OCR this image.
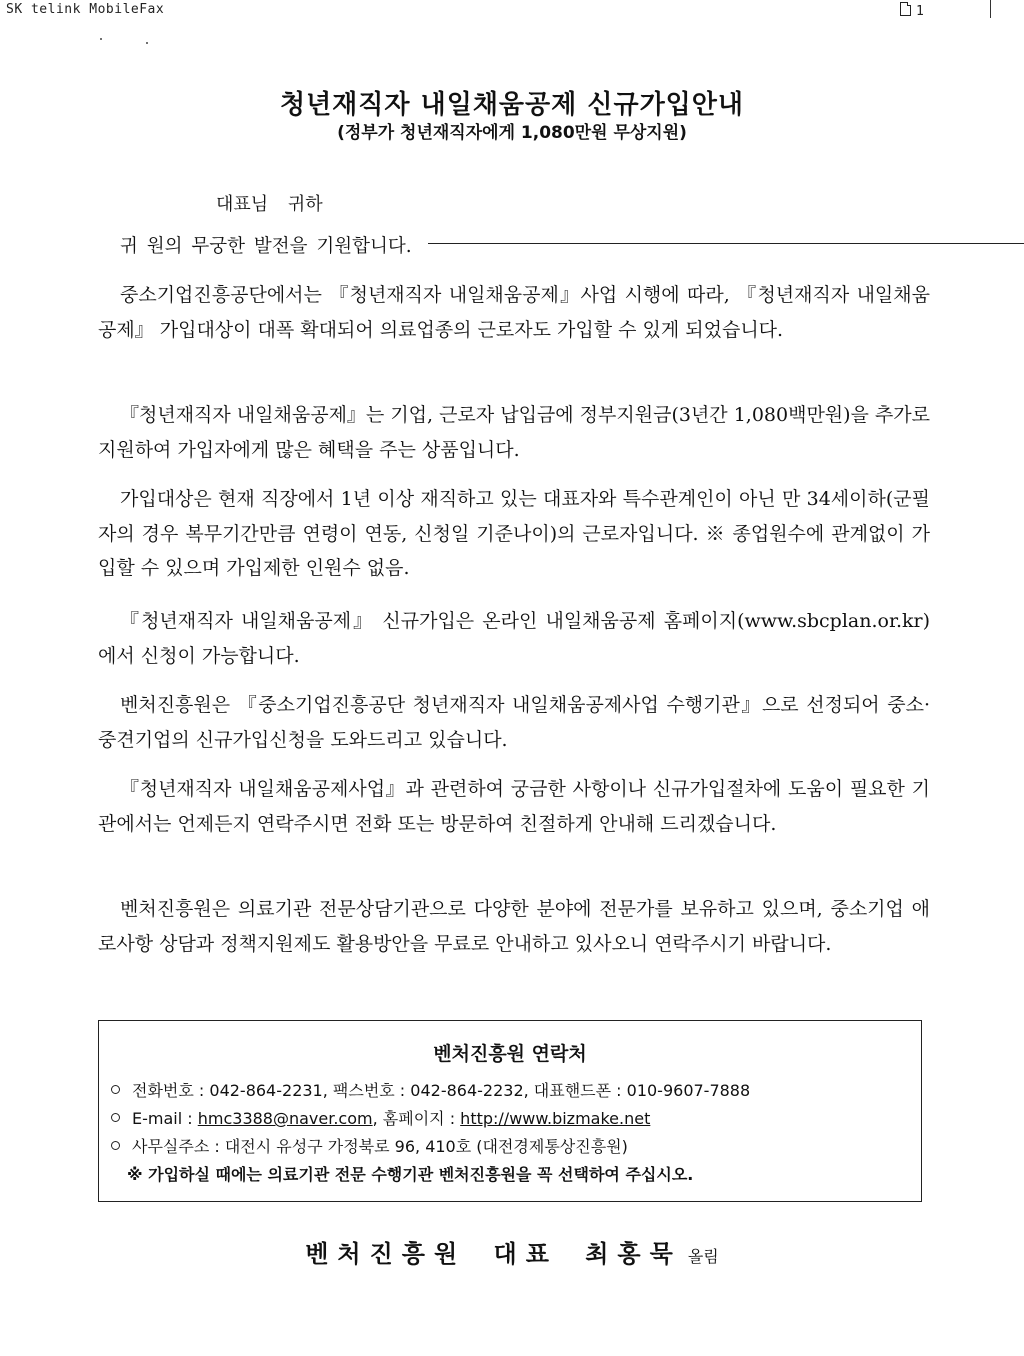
SK telink MobileFax	1
청년재직자 내일채움공제 신규가입안내
(정부가 청년재직자에게 1,080만원 무상지원)
대표님 귀하
귀 원의 무궁한 발전을 기원합니다.
중소기업진흥공단에서는 『청년재직자 내일채움공제』사업 시행에 따라, 『청년재직자 내일채움공제』 가입대상이 대폭 확대되어 의료업종의 근로자도 가입할 수 있게 되었습니다.
『청년재직자 내일채움공제』는 기업, 근로자 납입금에 정부지원금(3년간 1,080백만원)을 추가로 지원하여 가입자에게 많은 혜택을 주는 상품입니다.
가입대상은 현재 직장에서 1년 이상 재직하고 있는 대표자와 특수관계인이 아닌 만 34세이하(군필자의 경우 복무기간만큼 연령이 연동, 신청일 기준나이)의 근로자입니다. ※ 종업원수에 관계없이 가입할 수 있으며 가입제한 인원수 없음.
『청년재직자 내일채움공제』 신규가입은 온라인 내일채움공제 홈페이지(www.sbcplan.or.kr)에서 신청이 가능합니다.
벤처진흥원은 『중소기업진흥공단 청년재직자 내일채움공제사업 수행기관』으로 선정되어 중소·중견기업의 신규가입신청을 도와드리고 있습니다.
『청년재직자 내일채움공제사업』과 관련하여 궁금한 사항이나 신규가입절차에 도움이 필요한 기관에서는 언제든지 연락주시면 전화 또는 방문하여 친절하게 안내해 드리겠습니다.
벤처진흥원은 의료기관 전문상담기관으로 다양한 분야에 전문가를 보유하고 있으며, 중소기업 애로사항 상담과 정책지원제도 활용방안을 무료로 안내하고 있사오니 연락주시기 바랍니다.
벤처진흥원 연락처
전화번호 : 042-864-2231, 팩스번호 : 042-864-2232, 대표핸드폰 : 010-9607-7888
E-mail : hmc3388@naver.com, 홈페이지 : http://www.bizmake.net
사무실주소 : 대전시 유성구 가정북로 96, 410호 (대전경제통상진흥원)
※ 가입하실 때에는 의료기관 전문 수행기관 벤처진흥원을 꼭 선택하여 주십시오.
벤처진흥원 대표 최홍묵 올림
